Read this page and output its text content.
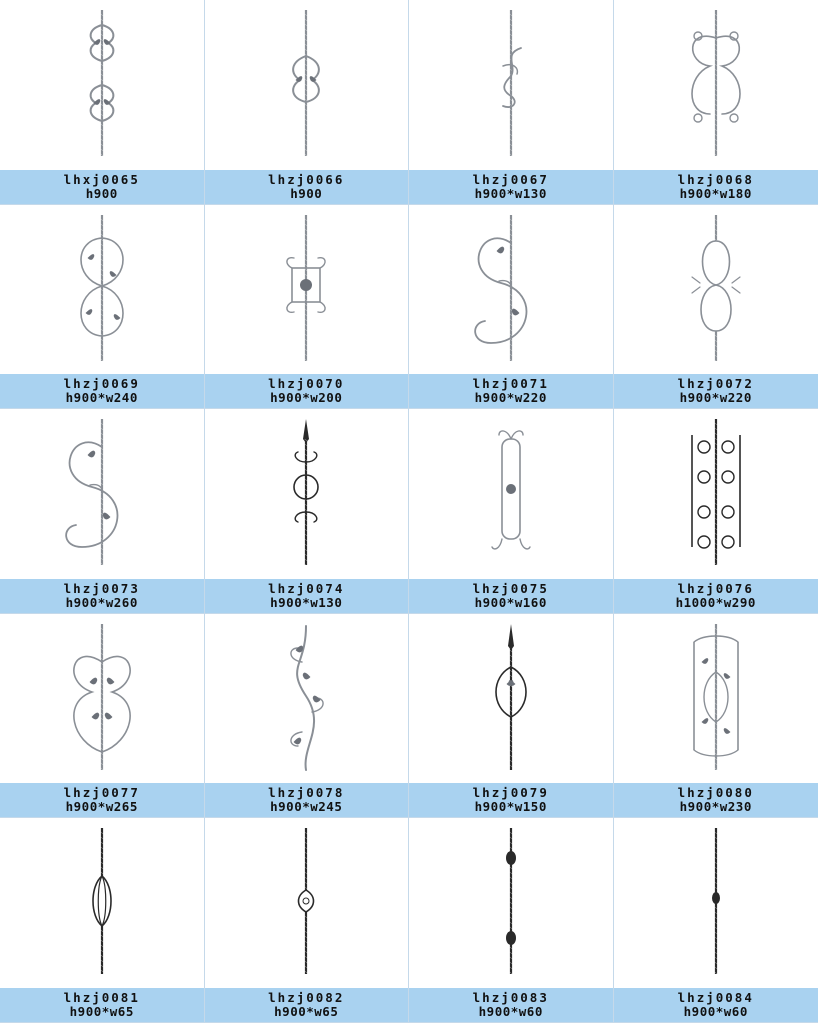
lhxj0065
h900
lhzj0066
h900
lhzj0067
h900*w130
lhzj0068
h900*w180
lhzj0069
h900*w240
lhzj0070
h900*w200
lhzj0071
h900*w220
lhzj0072
h900*w220
lhzj0073
h900*w260
lhzj0074
h900*w130
lhzj0075
h900*w160
lhzj0076
h1000*w290
lhzj0077
h900*w265
lhzj0078
h900*w245
lhzj0079
h900*w150
lhzj0080
h900*w230
lhzj0081
h900*w65
lhzj0082
h900*w65
lhzj0083
h900*w60
lhzj0084
h900*w60
